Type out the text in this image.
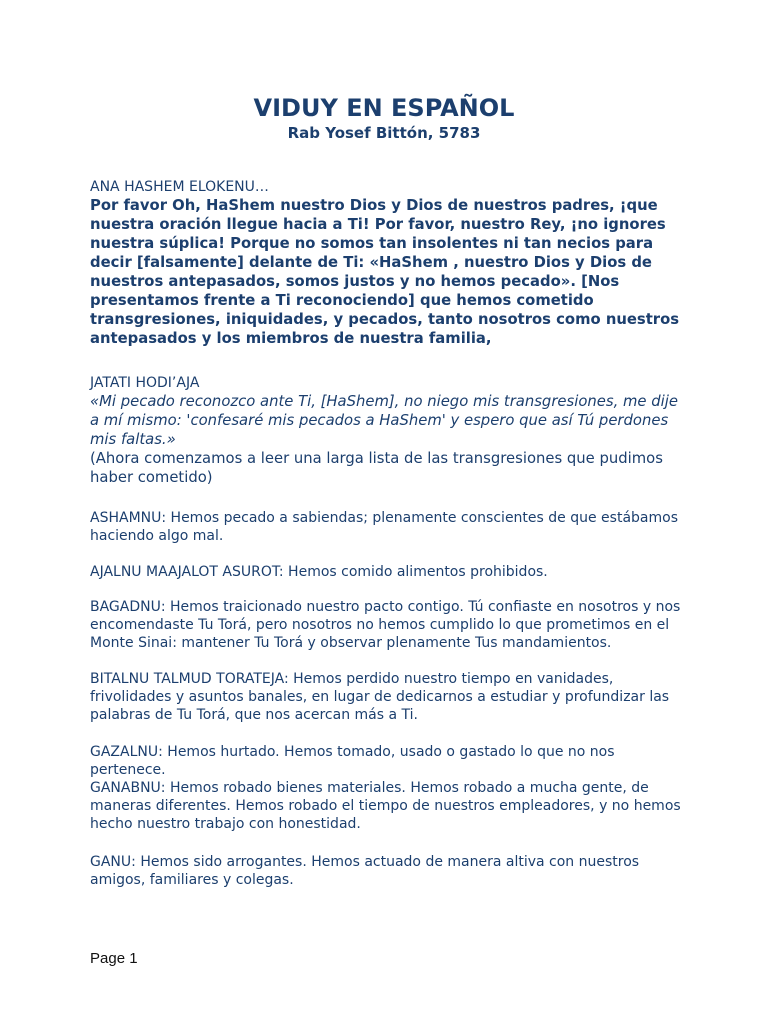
VIDUY EN ESPAÑOL
Rab Yosef Bittón, 5783
ANA HASHEM ELOKENU…

Por favor Oh, HaShem nuestro Dios y Dios de nuestros padres, ¡que nuestra oración llegue hacia a Ti! Por favor, nuestro Rey, ¡no ignores nuestra súplica! Porque no somos tan insolentes ni tan necios para decir [falsamente] delante de Ti: «HaShem , nuestro Dios y Dios de nuestros antepasados, somos justos y no hemos pecado». [Nos presentamos frente a Ti reconociendo] que hemos cometido transgresiones, iniquidades, y pecados, tanto nosotros como nuestros antepasados y los miembros de nuestra familia,

JATATI HODI’AJA

«Mi pecado reconozco ante Ti, [HaShem], no niego mis transgresiones, me dije a mí mismo: 'confesaré mis pecados a HaShem' y espero que así Tú perdones mis faltas.»

(Ahora comenzamos a leer una larga lista de las transgresiones que pudimos haber cometido)

ASHAMNU: Hemos pecado a sabiendas; plenamente conscientes de que estábamos haciendo algo mal.

AJALNU MAAJALOT ASUROT: Hemos comido alimentos prohibidos.

BAGADNU: Hemos traicionado nuestro pacto contigo. Tú confiaste en nosotros y nos encomendaste Tu Torá, pero nosotros no hemos cumplido lo que prometimos en el Monte Sinai: mantener Tu Torá y observar plenamente Tus mandamientos.

BITALNU TALMUD TORATEJA: Hemos perdido nuestro tiempo en vanidades, frivolidades y asuntos banales, en lugar de dedicarnos a estudiar y profundizar las palabras de Tu Torá, que nos acercan más a Ti.

GAZALNU: Hemos hurtado. Hemos tomado, usado o gastado lo que no nos pertenece.

GANABNU: Hemos robado bienes materiales. Hemos robado a mucha gente, de maneras diferentes. Hemos robado el tiempo de nuestros empleadores, y no hemos hecho nuestro trabajo con honestidad.

GANU: Hemos sido arrogantes. Hemos actuado de manera altiva con nuestros amigos, familiares y colegas.

Page 1
